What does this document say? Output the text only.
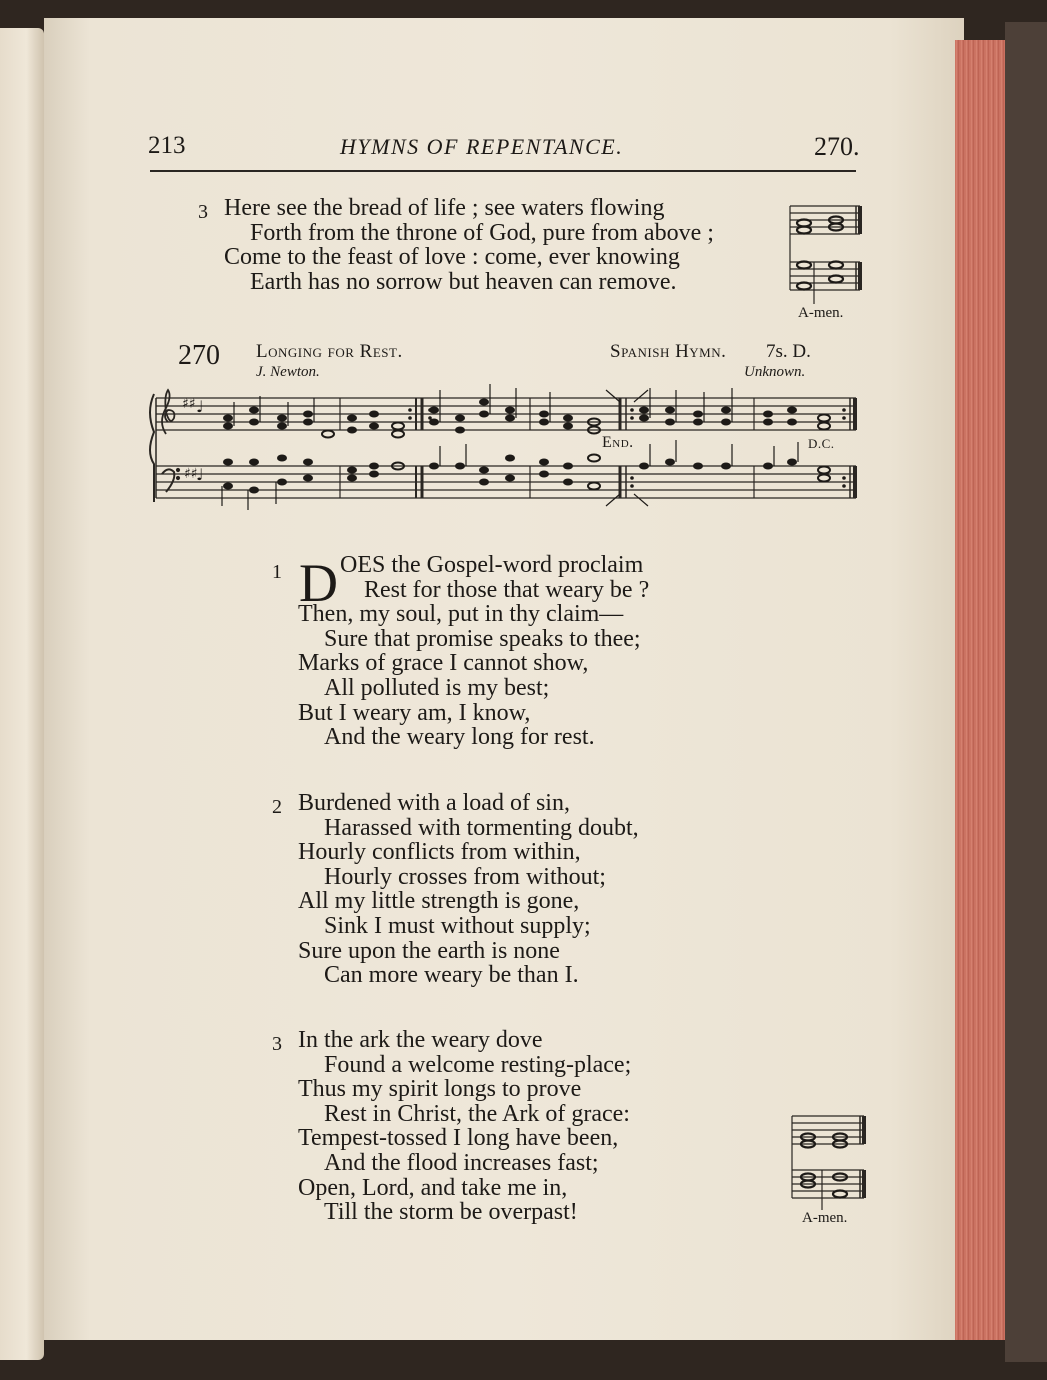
213	HYMNS OF REPENTANCE.	270.
3 Here see the bread of life ; see waters flowing
Forth from the throne of God, pure from above ;
Come to the feast of love : come, ever knowing
Earth has no sorrow but heaven can remove.
A-men.
270 Longing for Rest.
J. Newton.
Spanish Hymn. 7s. D.
Unknown.
♯♯
♯♯
♩
♩
End.	D.C.
1 D OES the Gospel-word proclaim
Rest for those that weary be ?
Then, my soul, put in thy claim—
Sure that promise speaks to thee;
Marks of grace I cannot show,
All polluted is my best;
But I weary am, I know,
And the weary long for rest.
2 Burdened with a load of sin,
Harassed with tormenting doubt,
Hourly conflicts from within,
Hourly crosses from without;
All my little strength is gone,
Sink I must without supply;
Sure upon the earth is none
Can more weary be than I.
3 In the ark the weary dove
Found a welcome resting-place;
Thus my spirit longs to prove
Rest in Christ, the Ark of grace:
Tempest-tossed I long have been,
And the flood increases fast;
Open, Lord, and take me in,
Till the storm be overpast!	A-men.
